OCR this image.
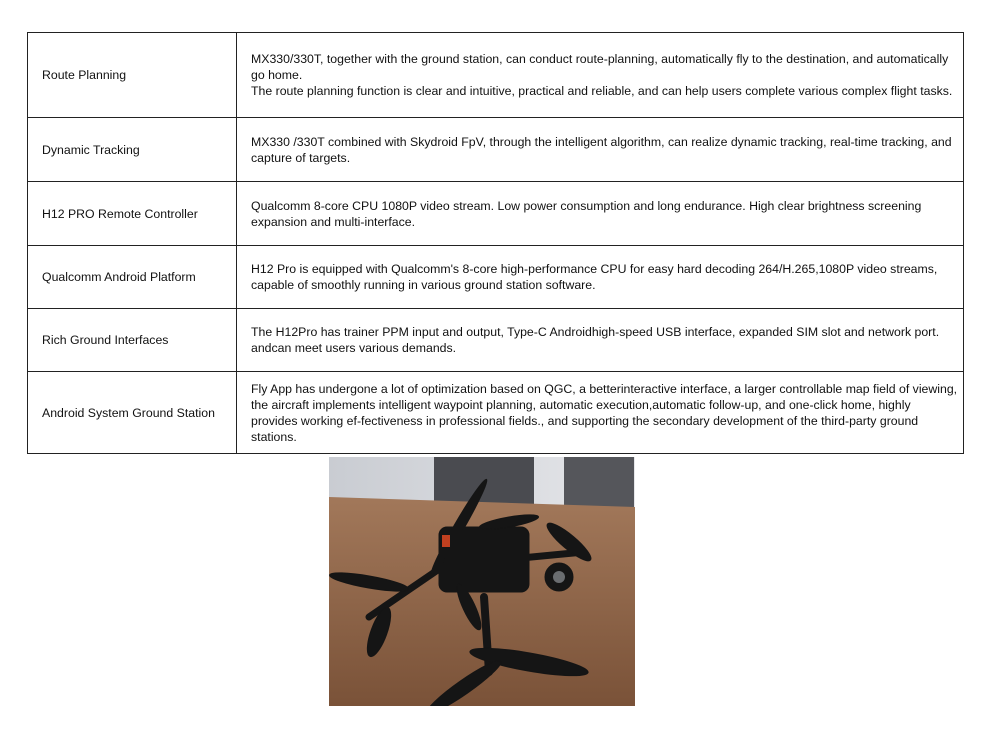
Route Planning	MX330/330T, together with the ground station, can conduct route-planning, automatically fly to the destination, and automatically go home.
The route planning function is clear and intuitive, practical and reliable, and can help users complete various complex flight tasks.
Dynamic Tracking	MX330 /330T combined with Skydroid FpV, through the intelligent algorithm, can realize dynamic tracking, real-time tracking, and capture of targets.
H12 PRO Remote Controller	Qualcomm 8-core CPU 1080P video stream. Low power consumption and long endurance. High clear brightness screening expansion and multi-interface.
Qualcomm Android Platform	H12 Pro is equipped with Qualcomm's 8-core high-performance CPU for easy hard decoding 264/H.265,1080P video streams, capable of smoothly running in various ground station software.
Rich Ground Interfaces	The H12Pro has trainer PPM input and output, Type-C Androidhigh-speed USB interface, expanded SIM slot and network port. andcan meet users various demands.
Android System Ground Station	Fly App has undergone a lot of optimization based on QGC, a betterinteractive interface, a larger controllable map field of viewing, the aircraft implements intelligent waypoint planning, automatic execution,automatic follow-up, and one-click home, highly provides working ef-fectiveness in professional fields., and supporting the secondary development of the third-party ground stations.
